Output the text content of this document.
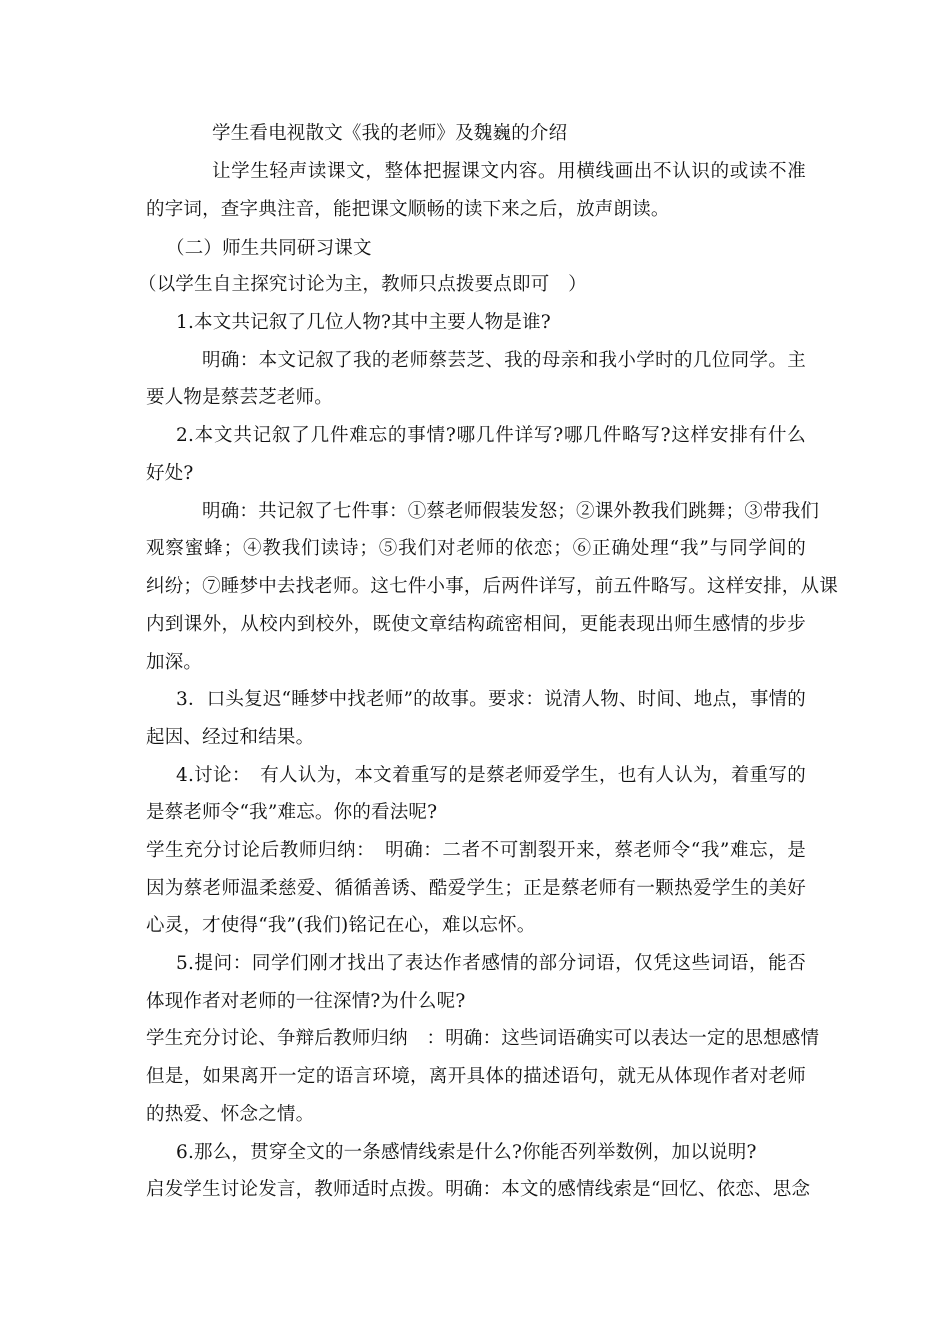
学生看电视散文《我的老师》及魏巍的介绍
让学生轻声读课文，整体把握课文内容。用横线画出不认识的或读不准
的字词，查字典注音，能把课文顺畅的读下来之后，放声朗读。
（二）师生共同研习课文
（以学生自主探究讨论为主，教师只点拨要点即可　）
1.本文共记叙了几位人物?其中主要人物是谁?
明确：本文记叙了我的老师蔡芸芝、我的母亲和我小学时的几位同学。主
要人物是蔡芸芝老师。
2.本文共记叙了几件难忘的事情?哪几件详写?哪几件略写?这样安排有什么
好处?
明确：共记叙了七件事：①蔡老师假装发怒；②课外教我们跳舞；③带我们
观察蜜蜂；④教我们读诗；⑤我们对老师的依恋；⑥正确处理“我”与同学间的
纠纷；⑦睡梦中去找老师。这七件小事，后两件详写，前五件略写。这样安排，从课
内到课外，从校内到校外，既使文章结构疏密相间，更能表现出师生感情的步步
加深。
3．口头复迟“睡梦中找老师”的故事。要求：说清人物、时间、地点，事情的
起因、经过和结果。
4.讨论：　有人认为，本文着重写的是蔡老师爱学生，也有人认为，着重写的
是蔡老师令“我”难忘。你的看法呢?
学生充分讨论后教师归纳：　明确：二者不可割裂开来，蔡老师令“我”难忘，是
因为蔡老师温柔慈爱、循循善诱、酷爱学生；正是蔡老师有一颗热爱学生的美好
心灵，才使得“我”(我们)铭记在心，难以忘怀。
5.提问：同学们刚才找出了表达作者感情的部分词语，仅凭这些词语，能否
体现作者对老师的一往深情?为什么呢?
学生充分讨论、争辩后教师归纳　：明确：这些词语确实可以表达一定的思想感情
但是，如果离开一定的语言环境，离开具体的描述语句，就无从体现作者对老师
的热爱、怀念之情。
6.那么，贯穿全文的一条感情线索是什么?你能否列举数例，加以说明?
启发学生讨论发言，教师适时点拨。明确：本文的感情线索是“回忆、依恋、思念
